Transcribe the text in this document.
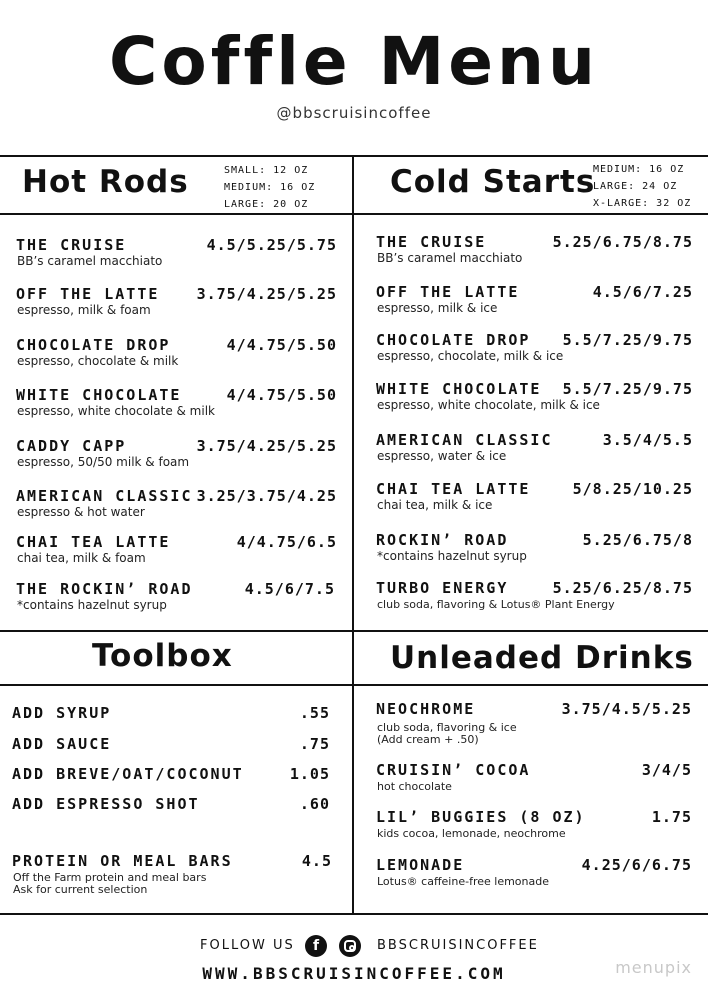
Coffle Menu
@bbscruisincoffee
Hot Rods	SMALL: 12 OZ
MEDIUM: 16 OZ
LARGE: 20 OZ
Cold Starts
MEDIUM: 16 OZ
LARGE: 24 OZ
X-LARGE: 32 OZ
THE CRUISE	4.5/5.25/5.75
BB’s caramel macchiato
OFF THE LATTE 3.75/4.25/5.25
espresso, milk & foam
CHOCOLATE DROP	4/4.75/5.50
espresso, chocolate & milk
WHITE CHOCOLATE	4/4.75/5.50
espresso, white chocolate & milk
CADDY CAPP	3.75/4.25/5.25
espresso, 50/50 milk & foam
AMERICAN CLASSIC 3.25/3.75/4.25
espresso & hot water
CHAI TEA LATTE	4/4.75/6.5
chai tea, milk & foam
THE ROCKIN’ ROAD	4.5/6/7.5
*contains hazelnut syrup
THE CRUISE	5.25/6.75/8.75
BB’s caramel macchiato
OFF THE LATTE	4.5/6/7.25
espresso, milk & ice
CHOCOLATE DROP 5.5/7.25/9.75
espresso, chocolate, milk & ice
WHITE CHOCOLATE 5.5/7.25/9.75
espresso, white chocolate, milk & ice
AMERICAN CLASSIC	3.5/4/5.5
espresso, water & ice
CHAI TEA LATTE	5/8.25/10.25
chai tea, milk & ice
ROCKIN’ ROAD	5.25/6.75/8
*contains hazelnut syrup
TURBO ENERGY	5.25/6.25/8.75
club soda, flavoring & Lotus® Plant Energy
Toolbox
ADD SYRUP	.55
ADD SAUCE	.75
ADD BREVE/OAT/COCONUT	1.05
ADD ESPRESSO SHOT	.60
PROTEIN OR MEAL BARS	4.5
Off the Farm protein and meal bars
Ask for current selection
Unleaded Drinks
NEOCHROME	3.75/4.5/5.25
club soda, flavoring & ice
(Add cream + .50)
CRUISIN’ COCOA	3/4/5
hot chocolate
LIL’ BUGGIES (8 OZ)	1.75
kids cocoa, lemonade, neochrome
LEMONADE	4.25/6/6.75
Lotus® caffeine-free lemonade
FOLLOW US	f	BBSCRUISINCOFFEE
WWW.BBSCRUISINCOFFEE.COM	menupix
